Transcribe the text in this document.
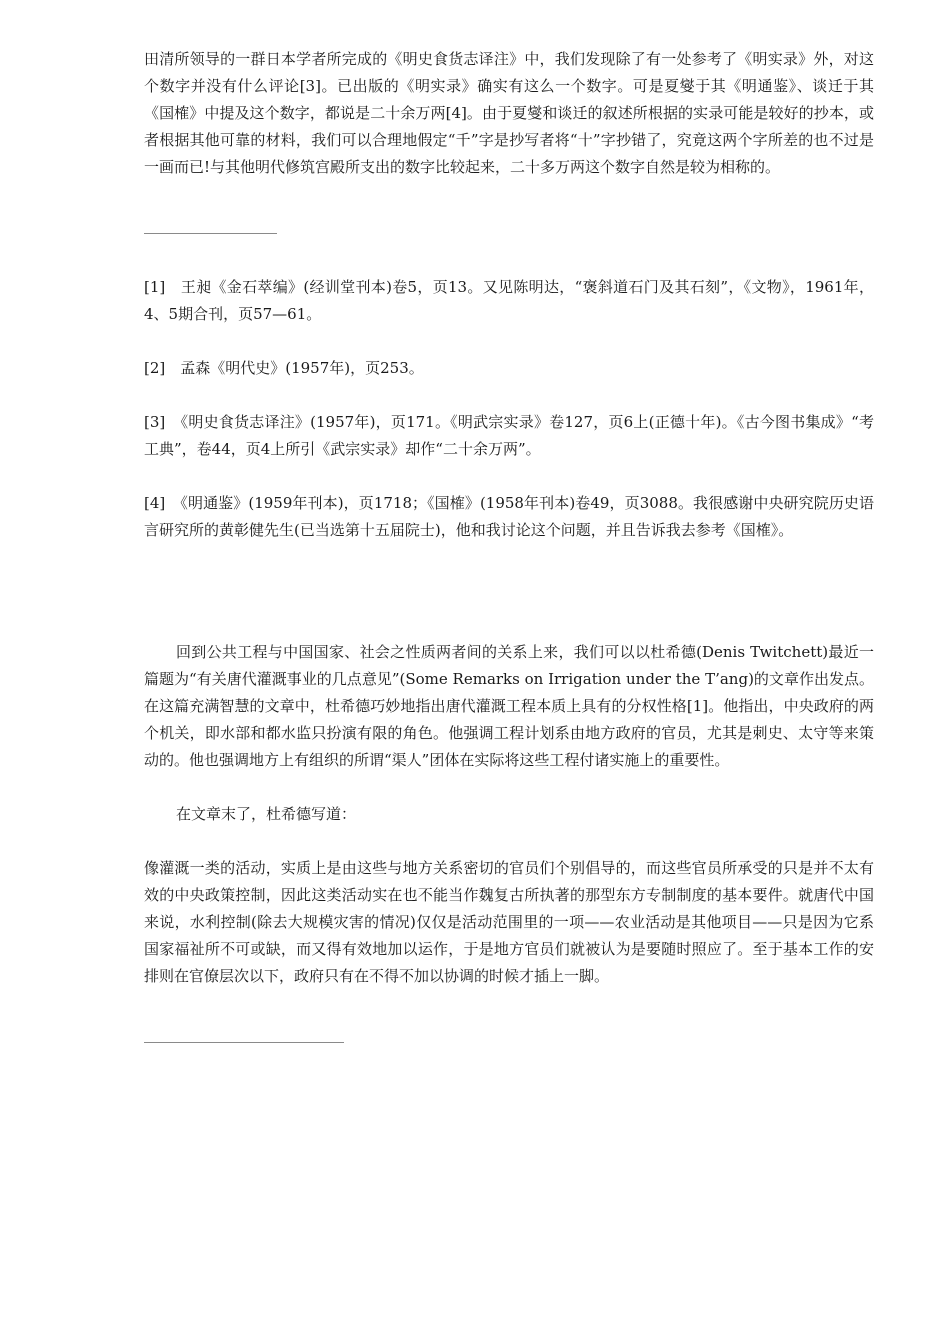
田清所领导的一群日本学者所完成的《明史食货志译注》中，我们发现除了有一处参考了《明实录》外，对这个数字并没有什么评论[3]。已出版的《明实录》确实有这么一个数字。可是夏燮于其《明通鉴》、谈迁于其《国榷》中提及这个数字，都说是二十余万两[4]。由于夏燮和谈迁的叙述所根据的实录可能是较好的抄本，或者根据其他可靠的材料，我们可以合理地假定“千”字是抄写者将“十”字抄错了，究竟这两个字所差的也不过是一画而已!与其他明代修筑宫殿所支出的数字比较起来，二十多万两这个数字自然是较为相称的。

[1]　王昶《金石萃编》(经训堂刊本)卷5，页13。又见陈明达，“褒斜道石门及其石刻”，《文物》，1961年，4、5期合刊，页57—61。

[2]　孟森《明代史》(1957年)，页253。

[3]　《明史食货志译注》(1957年)，页171。《明武宗实录》卷127，页6上(正德十年)。《古今图书集成》“考工典”，卷44，页4上所引《武宗实录》却作“二十余万两”。

[4]　《明通鉴》(1959年刊本)，页1718；《国榷》(1958年刊本)卷49，页3088。我很感谢中央研究院历史语言研究所的黄彰健先生(已当选第十五届院士)，他和我讨论这个问题，并且告诉我去参考《国榷》。

回到公共工程与中国国家、社会之性质两者间的关系上来，我们可以以杜希德(Denis Twitchett)最近一篇题为“有关唐代灌溉事业的几点意见”(Some Remarks on Irrigation under the T’ang)的文章作出发点。在这篇充满智慧的文章中，杜希德巧妙地指出唐代灌溉工程本质上具有的分权性格[1]。他指出，中央政府的两个机关，即水部和都水监只扮演有限的角色。他强调工程计划系由地方政府的官员，尤其是刺史、太守等来策动的。他也强调地方上有组织的所谓“渠人”团体在实际将这些工程付诸实施上的重要性。

在文章末了，杜希德写道：

像灌溉一类的活动，实质上是由这些与地方关系密切的官员们个别倡导的，而这些官员所承受的只是并不太有效的中央政策控制，因此这类活动实在也不能当作魏复古所执著的那型东方专制制度的基本要件。就唐代中国来说，水利控制(除去大规模灾害的情况)仅仅是活动范围里的一项——农业活动是其他项目——只是因为它系国家福祉所不可或缺，而又得有效地加以运作，于是地方官员们就被认为是要随时照应了。至于基本工作的安排则在官僚层次以下，政府只有在不得不加以协调的时候才插上一脚。
